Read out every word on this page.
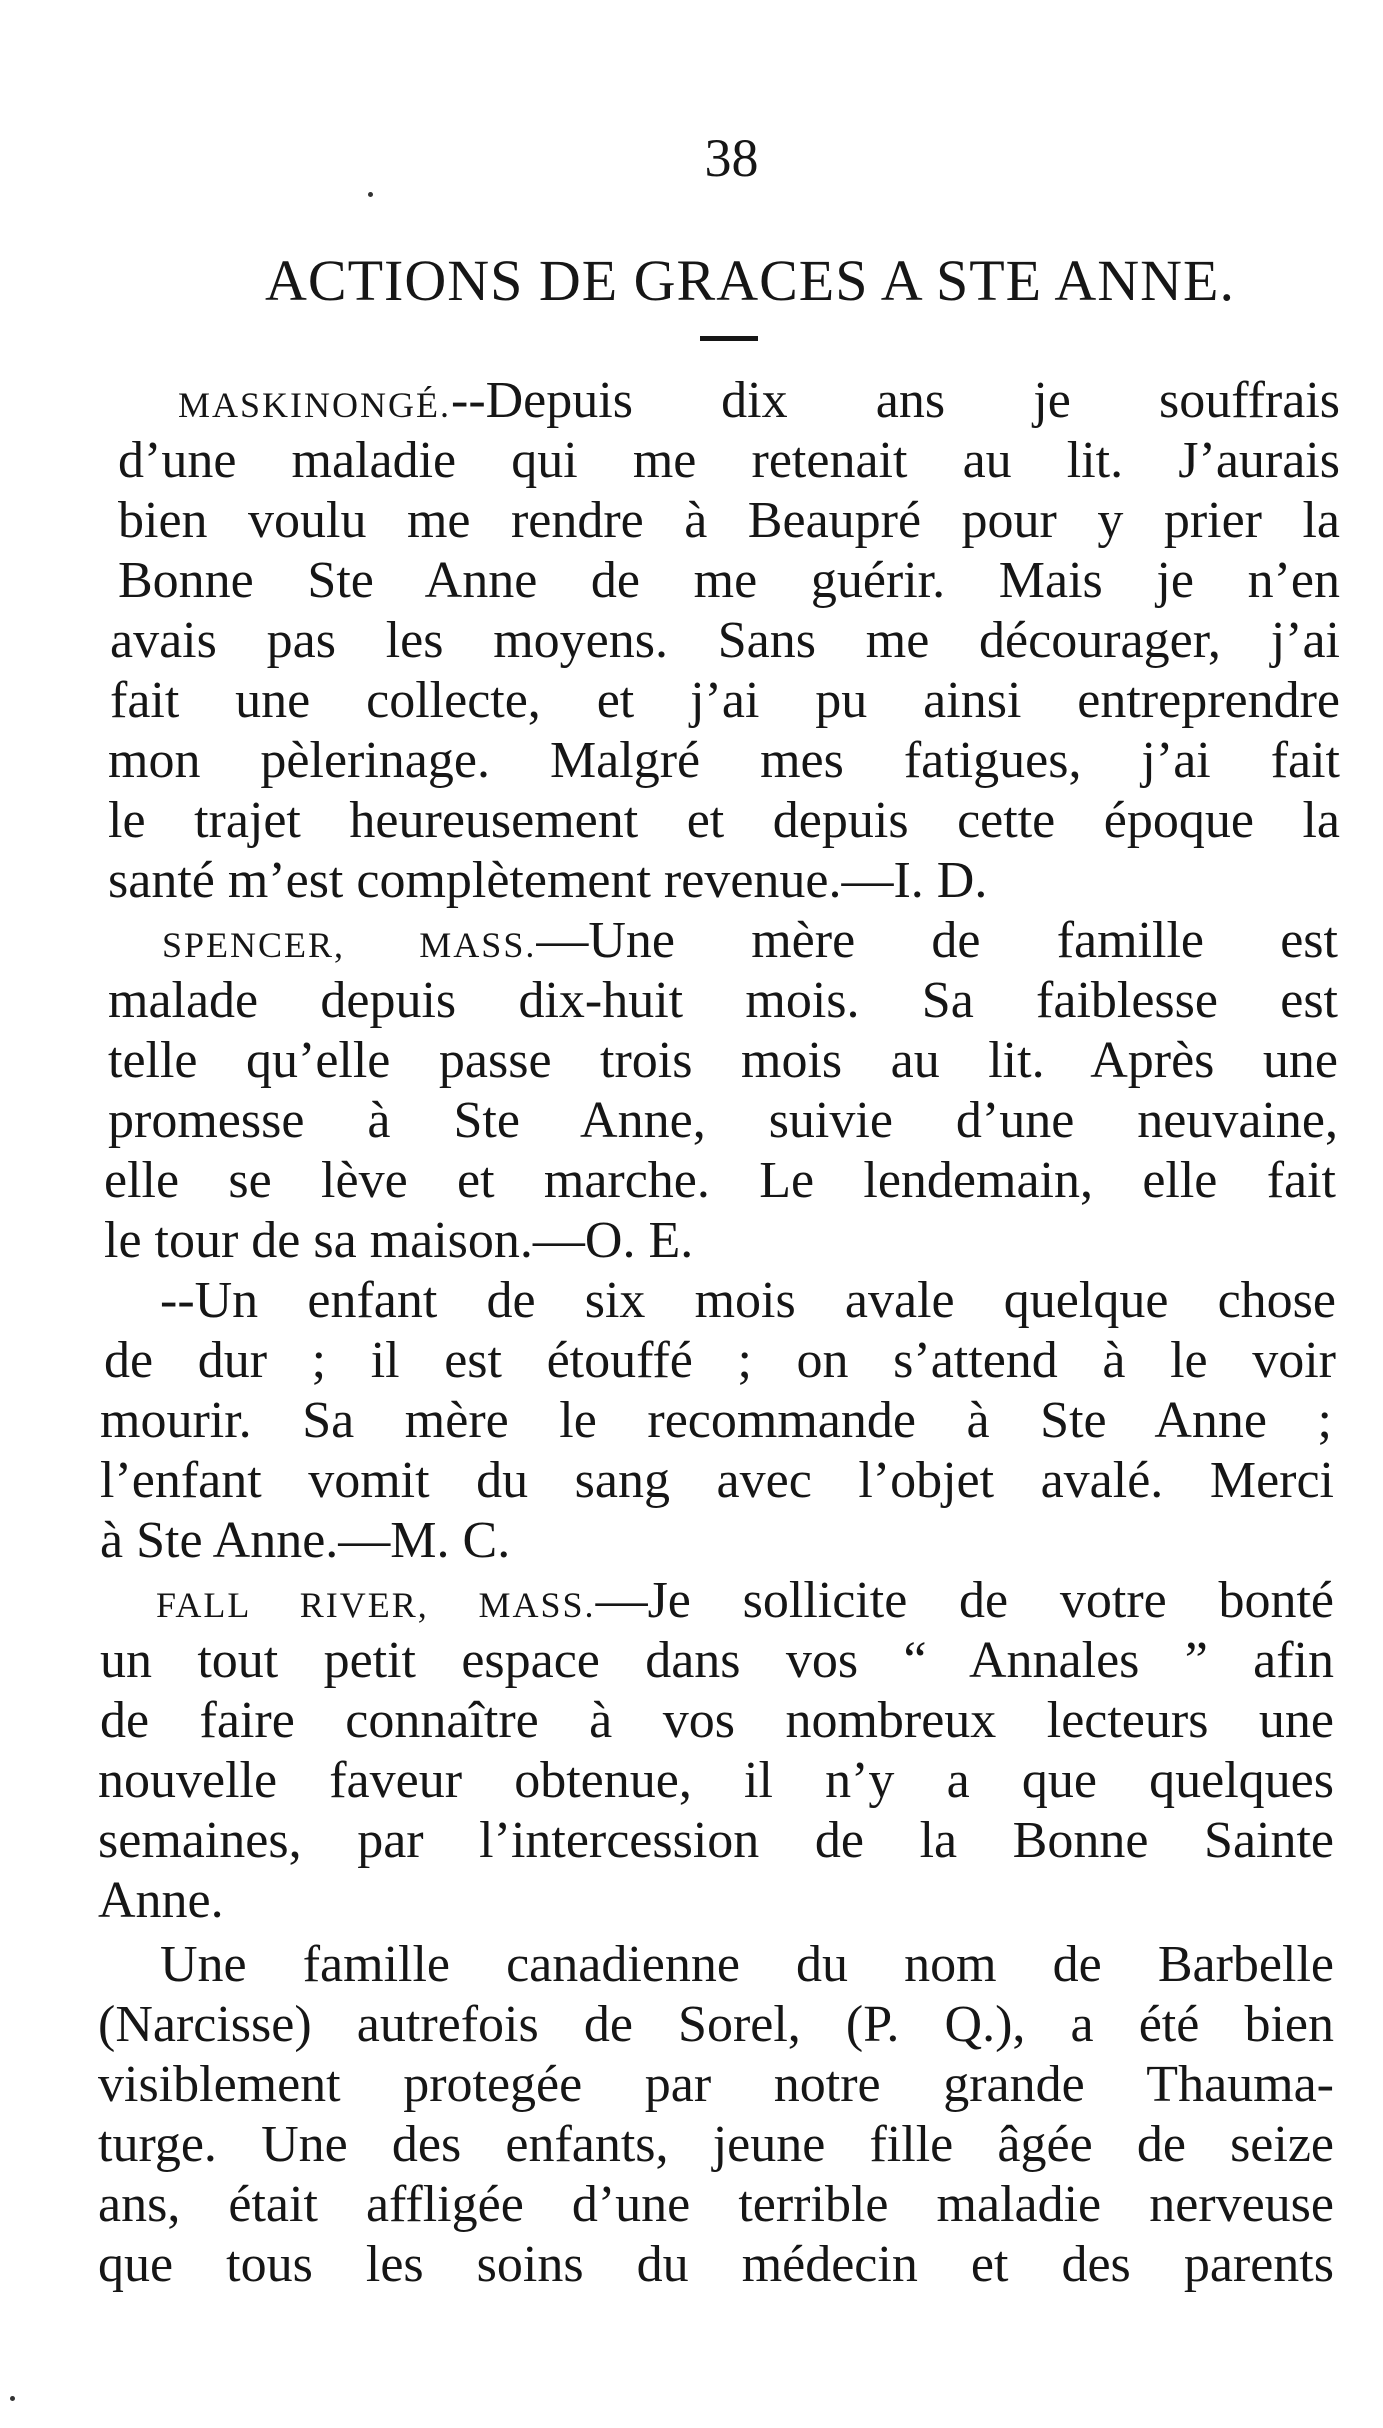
38
ACTIONS DE GRACES A STE ANNE.
MASKINONGÉ.--Depuis dix ans je souffrais
d’une maladie qui me retenait au lit. J’aurais
bien voulu me rendre à Beaupré pour y prier la
Bonne Ste Anne de me guérir. Mais je n’en
avais pas les moyens. Sans me décourager, j’ai
fait une collecte, et j’ai pu ainsi entreprendre
mon pèlerinage. Malgré mes fatigues, j’ai fait
le trajet heureusement et depuis cette époque la
santé m’est complètement revenue.—I. D.
SPENCER, MASS.—Une mère de famille est
malade depuis dix-huit mois. Sa faiblesse est
telle qu’elle passe trois mois au lit. Après une
promesse à Ste Anne, suivie d’une neuvaine,
elle se lève et marche. Le lendemain, elle fait
le tour de sa maison.—O. E.
--Un enfant de six mois avale quelque chose
de dur ; il est étouffé ; on s’attend à le voir
mourir. Sa mère le recommande à Ste Anne ;
l’enfant vomit du sang avec l’objet avalé. Merci
à Ste Anne.—M. C.
FALL RIVER, MASS.—Je sollicite de votre bonté
un tout petit espace dans vos “ Annales ” afin
de faire connaître à vos nombreux lecteurs une
nouvelle faveur obtenue, il n’y a que quelques
semaines, par l’intercession de la Bonne Sainte
Anne.
Une famille canadienne du nom de Barbelle
(Narcisse) autrefois de Sorel, (P. Q.), a été bien
visiblement protegée par notre grande Thauma-
turge. Une des enfants, jeune fille âgée de seize
ans, était affligée d’une terrible maladie nerveuse
que tous les soins du médecin et des parents
